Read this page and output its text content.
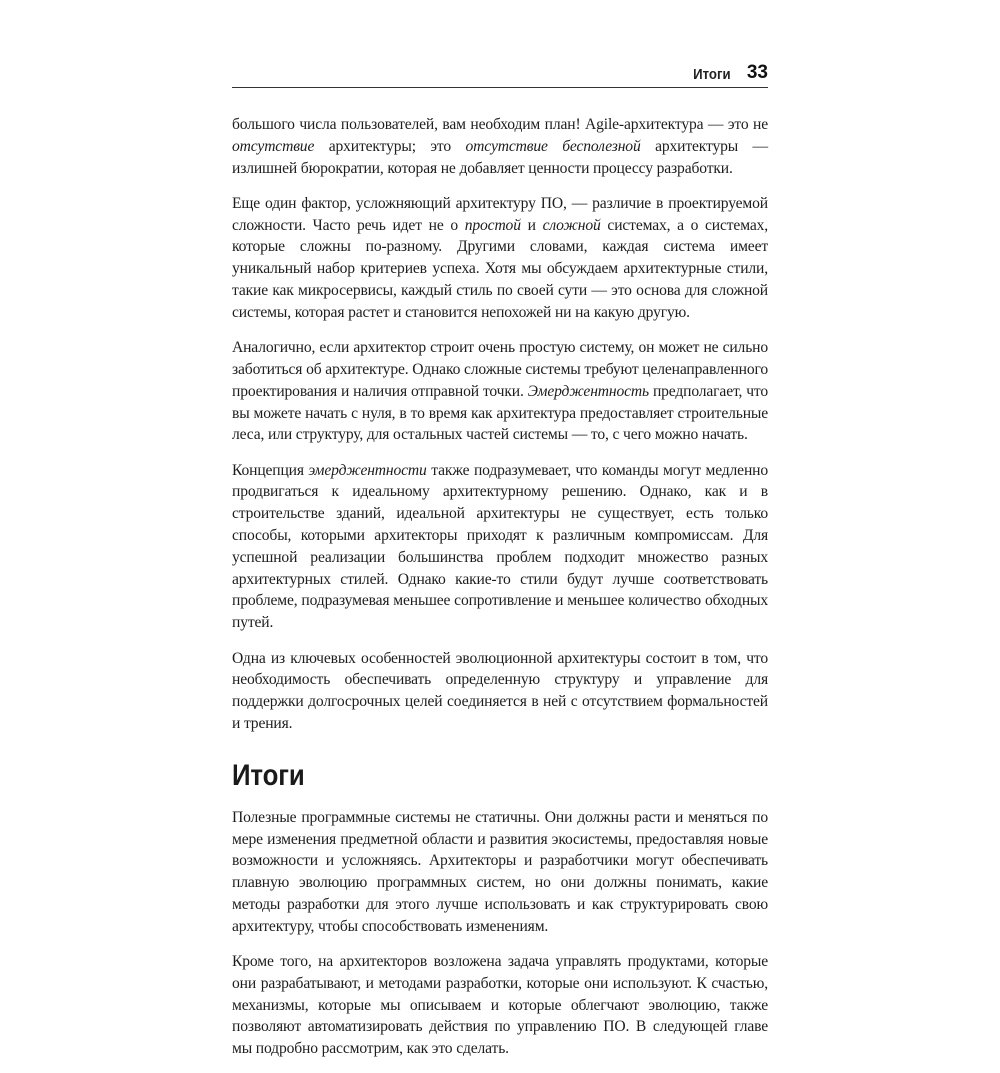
Итоги 33

большого числа пользователей, вам необходим план! Agile-архитектура — это не отсутствие архитектуры; это отсутствие бесполезной архитектуры — излишней бюрократии, которая не добавляет ценности процессу разработки.

Еще один фактор, усложняющий архитектуру ПО, — различие в проектируемой сложности. Часто речь идет не о простой и сложной системах, а о системах, которые сложны по-разному. Другими словами, каждая система имеет уникальный набор критериев успеха. Хотя мы обсуждаем архитектурные стили, такие как микросервисы, каждый стиль по своей сути — это основа для сложной системы, которая растет и становится непохожей ни на какую другую.

Аналогично, если архитектор строит очень простую систему, он может не сильно заботиться об архитектуре. Однако сложные системы требуют целенаправленного проектирования и наличия отправной точки. Эмерджентность предполагает, что вы можете начать с нуля, в то время как архитектура предоставляет строительные леса, или структуру, для остальных частей системы — то, с чего можно начать.

Концепция эмерджентности также подразумевает, что команды могут медленно продвигаться к идеальному архитектурному решению. Однако, как и в строительстве зданий, идеальной архитектуры не существует, есть только способы, которыми архитекторы приходят к различным компромиссам. Для успешной реализации большинства проблем подходит множество разных архитектурных стилей. Однако какие-то стили будут лучше соответствовать проблеме, подразумевая меньшее сопротивление и меньшее количество обходных путей.

Одна из ключевых особенностей эволюционной архитектуры состоит в том, что необходимость обеспечивать определенную структуру и управление для поддержки долгосрочных целей соединяется в ней с отсутствием формальностей и трения.

Итоги

Полезные программные системы не статичны. Они должны расти и меняться по мере изменения предметной области и развития экосистемы, предоставляя новые возможности и усложняясь. Архитекторы и разработчики могут обеспечивать плавную эволюцию программных систем, но они должны понимать, какие методы разработки для этого лучше использовать и как структурировать свою архитектуру, чтобы способствовать изменениям.

Кроме того, на архитекторов возложена задача управлять продуктами, которые они разрабатывают, и методами разработки, которые они используют. К счастью, механизмы, которые мы описываем и которые облегчают эволюцию, также позволяют автоматизировать действия по управлению ПО. В следующей главе мы подробно рассмотрим, как это сделать.
